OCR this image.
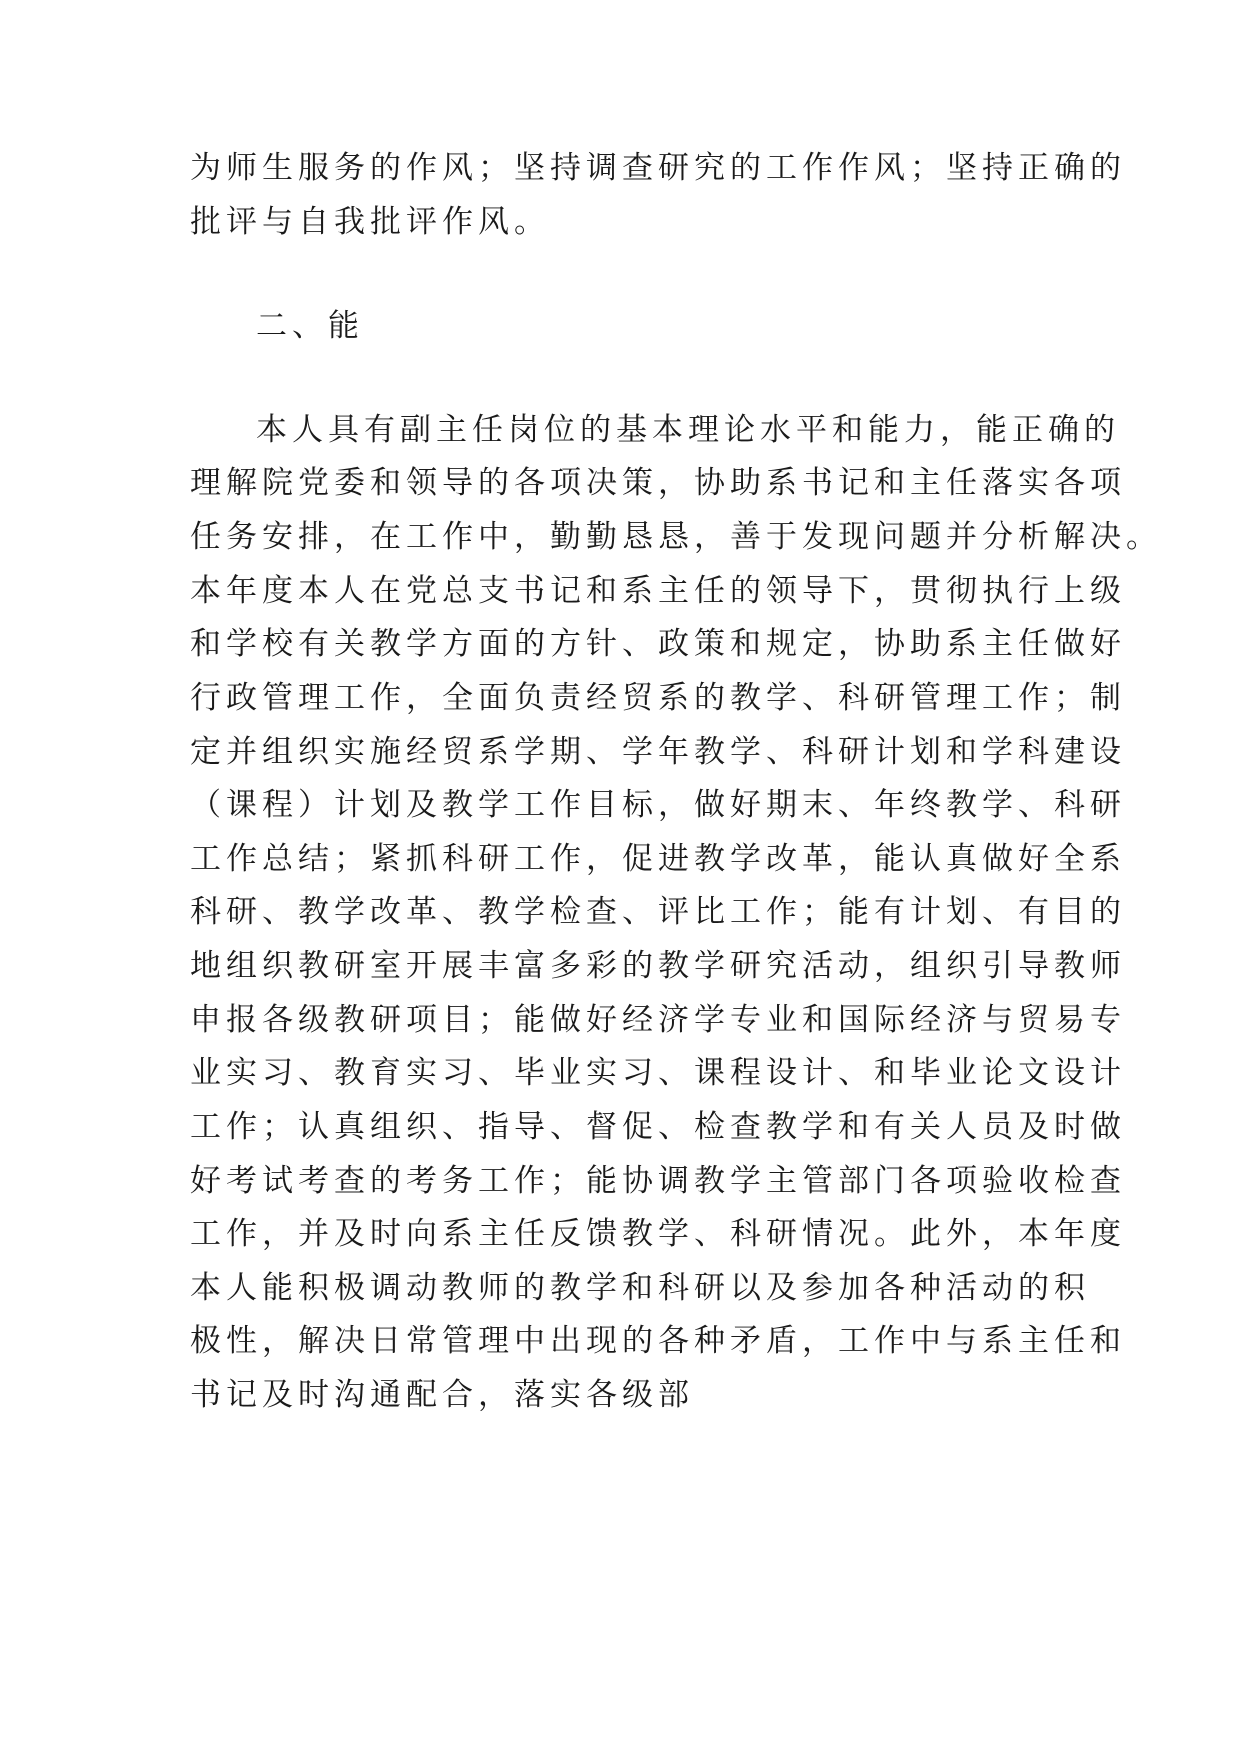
为师生服务的作风；坚持调查研究的工作作风；坚持正确的
批评与自我批评作风。
二、能
本人具有副主任岗位的基本理论水平和能力，能正确的
理解院党委和领导的各项决策，协助系书记和主任落实各项
任务安排，在工作中，勤勤恳恳，善于发现问题并分析解决。
本年度本人在党总支书记和系主任的领导下，贯彻执行上级
和学校有关教学方面的方针、政策和规定，协助系主任做好
行政管理工作，全面负责经贸系的教学、科研管理工作；制
定并组织实施经贸系学期、学年教学、科研计划和学科建设
（课程）计划及教学工作目标，做好期末、年终教学、科研
工作总结；紧抓科研工作，促进教学改革，能认真做好全系
科研、教学改革、教学检查、评比工作；能有计划、有目的
地组织教研室开展丰富多彩的教学研究活动，组织引导教师
申报各级教研项目；能做好经济学专业和国际经济与贸易专
业实习、教育实习、毕业实习、课程设计、和毕业论文设计
工作；认真组织、指导、督促、检查教学和有关人员及时做
好考试考查的考务工作；能协调教学主管部门各项验收检查
工作，并及时向系主任反馈教学、科研情况。此外，本年度
本人能积极调动教师的教学和科研以及参加各种活动的积
极性，解决日常管理中出现的各种矛盾，工作中与系主任和
书记及时沟通配合，落实各级部
